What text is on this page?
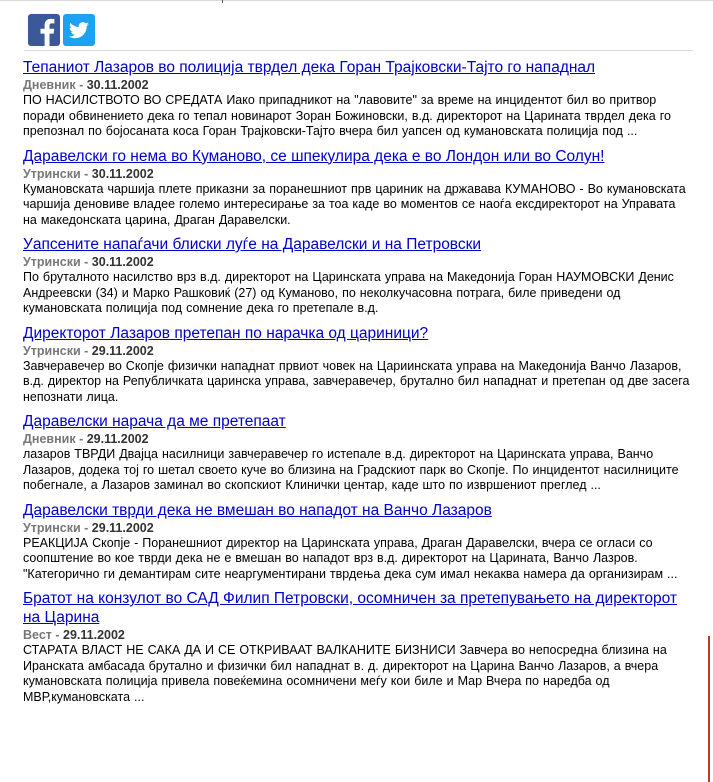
Тепаниот Лазаров во полиција тврдел дека Горан Трајковски-Тајто го нападнал
Дневник - 30.11.2002
ПО НАСИЛСТВОТО ВО СРЕДАТА Иако припадникот на "лавовите" за време на инцидентот бил во притвор поради обвинението дека го тепал новинарот Зоран Божиновски, в.д. директорот на Царината тврдел дека го препознал по бојосаната коса Горан Трајковски-Тајто вчера бил уапсен од кумановската полиција под ...
Даравелски го нема во Куманово, се шпекулира дека е во Лондон или во Солун!
Утрински - 30.11.2002
Кумановската чаршија плете приказни за поранешниот прв цариник на државава КУМАНОВО - Во кумановската чаршија деновиве владее големо интересирање за тоа каде во моментов се наоѓа ексдиректорот на Управата на македонската царина, Драган Даравелски.
Уапсените напаѓачи блиски луѓе на Даравелски и на Петровски
Утрински - 30.11.2002
По бруталното насилство врз в.д. директорот на Царинската управа на Македонија Горан НАУМОВСКИ Денис Андреевски (34) и Марко Рашковиќ (27) од Куманово, по неколкучасовна потрага, биле приведени од кумановската полиција под сомнение дека го претепале в.д.
Директорот Лазаров претепан по нарачка од цариници?
Утрински - 29.11.2002
Завчеравечер во Скопје физички нападнат првиот човек на Цариинската управа на Македонија Ванчо Лазаров, в.д. директор на Републичката царинска управа, завчеравечер, брутално бил нападнат и претепан од две засега непознати лица.
Даравелски нарача да ме претепаат
Дневник - 29.11.2002
лазаров ТВРДИ Двајца насилници завчеравечер го истепале в.д. директорот на Царинската управа, Ванчо Лазаров, додека тој го шетал своето куче во близина на Градскиот парк во Скопје. По инцидентот насилниците побегнале, а Лазаров заминал во скопскиот Клинички центар, каде што по извршениот преглед ...
Даравелски тврди дека не вмешан во нападот на Ванчо Лазаров
Утрински - 29.11.2002
РЕАКЦИЈА Скопје - Поранешниот директор на Царинската управа, Драган Даравелски, вчера се огласи со соопштение во кое тврди дека не е вмешан во нападот врз в.д. директорот на Царината, Ванчо Лазров. "Категорично ги демантирам сите неаргументирани тврдења дека сум имал некаква намера да организирам ...
Братот на конзулот во САД Филип Петровски, осомничен за претепувањето на директорот на Царина
Вест - 29.11.2002
СТАРАТА ВЛАСТ НЕ САКА ДА И СЕ ОТКРИВААТ ВАЛКАНИТЕ БИЗНИСИ Завчера во непосредна близина на Иранската амбасада брутално и физички бил нападнат в. д. директорот на Царина Ванчо Лазаров, а вчера кумановската полиција привела повеќемина осомничени меѓу кои биле и Мар Вчера по наредба од МВР,кумановската ...
